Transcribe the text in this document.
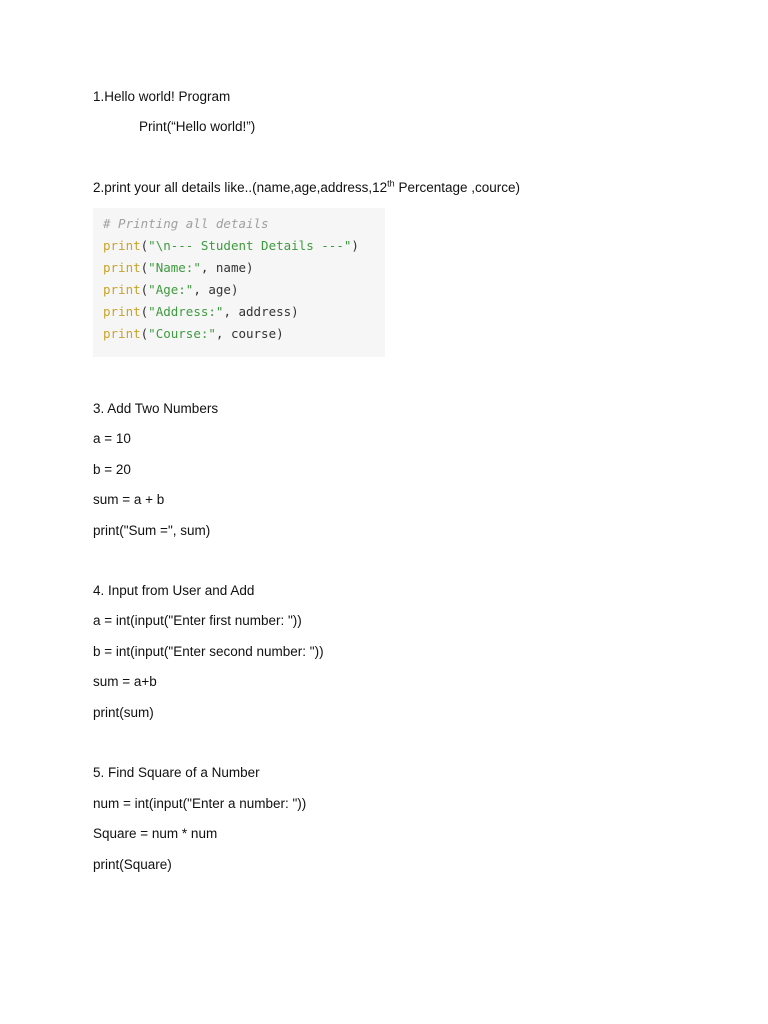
1.Hello world! Program
Print(“Hello world!”)
2.print your all details like..(name,age,address,12th Percentage ,cource)
# Printing all details
print("\n--- Student Details ---")
print("Name:", name)
print("Age:", age)
print("Address:", address)
print("Course:", course)
3. Add Two Numbers
a = 10
b = 20
sum = a + b
print("Sum =", sum)
4. Input from User and Add
a = int(input("Enter first number: "))
b = int(input("Enter second number: "))
sum = a+b
print(sum)
5. Find Square of a Number
num = int(input("Enter a number: "))
Square = num * num
print(Square)
